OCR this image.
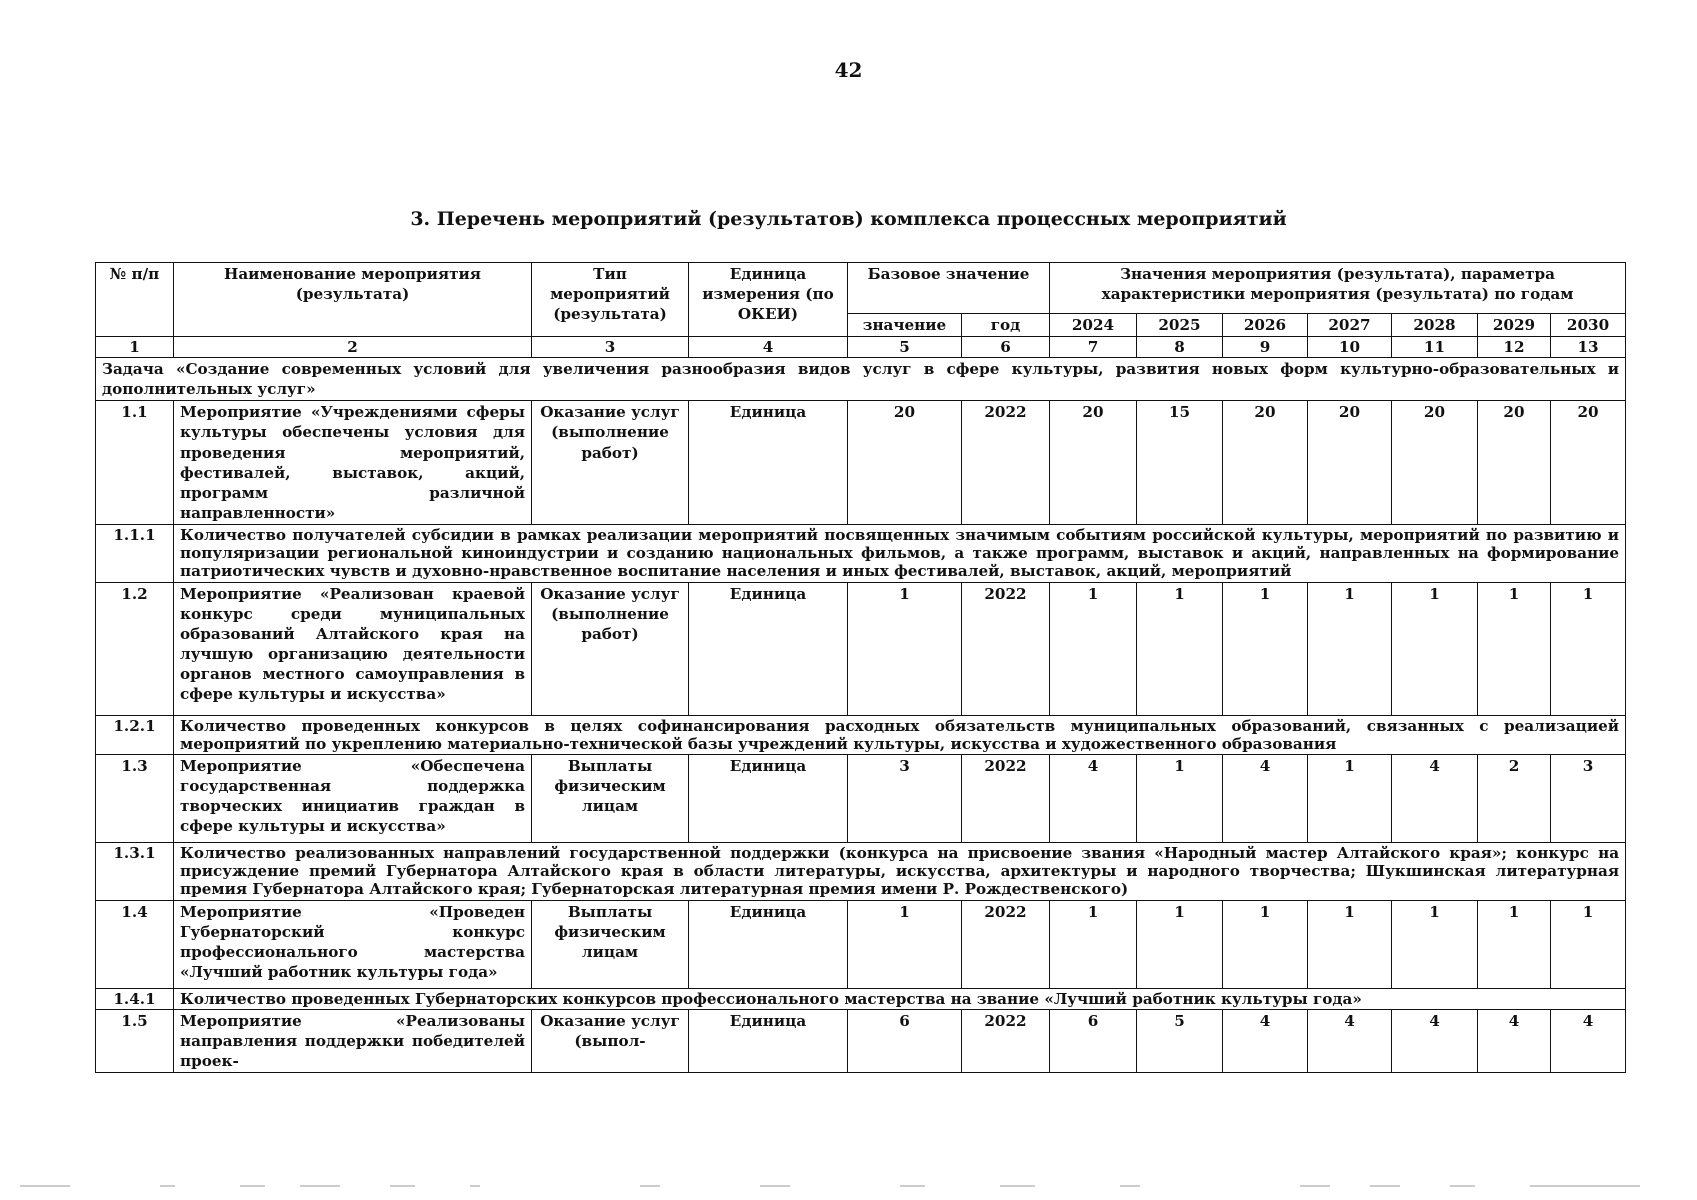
42
3. Перечень мероприятий (результатов) комплекса процессных мероприятий
№ п/п	Наименование мероприятия (результата)	Тип мероприятий (результата)	Единица измерения (по ОКЕИ)	Базовое значение		Значения мероприятия (результата), параметра характеристики мероприятия (результата) по годам						
				значение	год	2024	2025	2026	2027	2028	2029	2030
1	2	3	4	5	6	7	8	9	10	11	12	13
Задача «Создание современных условий для увеличения разнообразия видов услуг в сфере культуры, развития новых форм культурно-образовательных и дополнительных услуг»												
1.1	Мероприятие «Учреждениями сферы культуры обеспечены условия для проведения мероприятий, фестивалей, выставок, акций, программ различной направленности»	Оказание услуг (выполнение работ)	Единица	20	2022	20	15	20	20	20	20	20
1.1.1	Количество получателей субсидии в рамках реализации мероприятий посвященных значимым событиям российской культуры, мероприятий по развитию и популяризации региональной киноиндустрии и созданию национальных фильмов, а также программ, выставок и акций, направленных на формирование патриотических чувств и духовно-нравственное воспитание населения и иных фестивалей, выставок, акций, мероприятий											
1.2	Мероприятие «Реализован краевой конкурс среди муниципальных образований Алтайского края на лучшую организацию деятельности органов местного самоуправления в сфере культуры и искусства»	Оказание услуг (выполнение работ)	Единица	1	2022	1	1	1	1	1	1	1
1.2.1	Количество проведенных конкурсов в целях софинансирования расходных обязательств муниципальных образований, связанных с реализацией мероприятий по укреплению материально-технической базы учреждений культуры, искусства и художественного образования											
1.3	Мероприятие «Обеспечена государственная поддержка творческих инициатив граждан в сфере культуры и искусства»	Выплаты физическим лицам	Единица	3	2022	4	1	4	1	4	2	3
1.3.1	Количество реализованных направлений государственной поддержки (конкурса на присвоение звания «Народный мастер Алтайского края»; конкурс на присуждение премий Губернатора Алтайского края в области литературы, искусства, архитектуры и народного творчества; Шукшинская литературная премия Губернатора Алтайского края; Губернаторская литературная премия имени Р. Рождественского)											
1.4	Мероприятие «Проведен Губернаторский конкурс профессионального мастерства «Лучший работник культуры года»	Выплаты физическим лицам	Единица	1	2022	1	1	1	1	1	1	1
1.4.1	Количество проведенных Губернаторских конкурсов профессионального мастерства на звание «Лучший работник культуры года»											
1.5	Мероприятие «Реализованы направления поддержки победителей проек-	Оказание услуг (выпол-	Единица	6	2022	6	5	4	4	4	4	4
